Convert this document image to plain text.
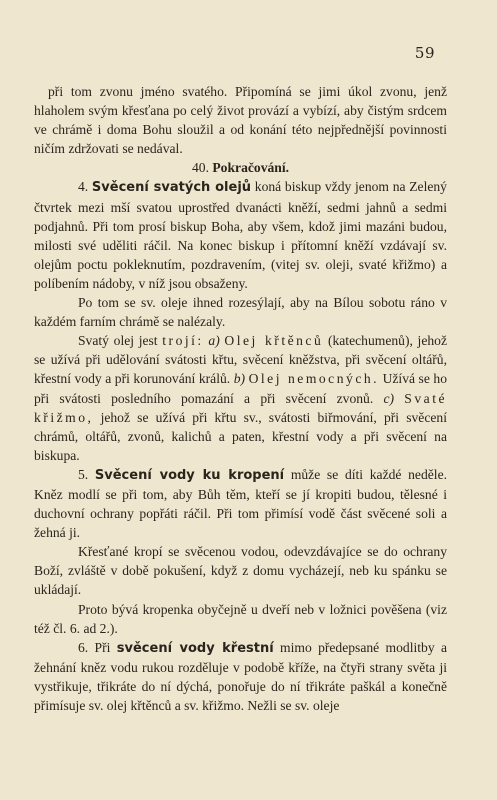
59

při tom zvonu jméno svatého. Připomíná se jimi úkol zvonu, jenž hlaholem svým křesťana po celý život provází a vybízí, aby čistým srdcem ve chrámě i doma Bohu sloužil a od konání této nejpřednější povinnosti ničím zdržovati se nedával.

40. Pokračování.

4. Svěcení svatých olejů koná biskup vždy jenom na Zelený čtvrtek mezi mší svatou uprostřed dvanácti kněží, sedmi jahnů a sedmi podjahnů. Při tom prosí biskup Boha, aby všem, kdož jimi mazáni budou, milosti své uděliti ráčil. Na konec biskup i přítomní kněží vzdávají sv. olejům poctu pokleknutím, pozdravením, (vitej sv. oleji, svaté křižmo) a políbením nádoby, v níž jsou obsaženy.

Po tom se sv. oleje ihned rozesýlají, aby na Bílou sobotu ráno v každém farním chrámě se nalézaly.

Svatý olej jest trojí: a) Olej křtěnců (katechumenů), jehož se užívá při udělování svátosti křtu, svěcení kněžstva, při svěcení oltářů, křestní vody a při korunování králů. b) Olej nemocných. Užívá se ho při svátosti posledního pomazání a při svěcení zvonů. c) Svaté křižmo, jehož se užívá při křtu sv., svátosti biřmování, při svěcení chrámů, oltářů, zvonů, kalichů a paten, křestní vody a při svěcení na biskupa.

5. Svěcení vody ku kropení může se díti každé neděle. Kněz modlí se při tom, aby Bůh těm, kteří se jí kropiti budou, tělesné i duchovní ochrany popřáti ráčil. Při tom přimísí vodě část svěcené soli a žehná ji.

Křesťané kropí se svěcenou vodou, odevzdávajíce se do ochrany Boží, zvláště v době pokušení, když z domu vycházejí, neb ku spánku se ukládají.

Proto bývá kropenka obyčejně u dveří neb v ložnici pověšena (viz též čl. 6. ad 2.).

6. Při svěcení vody křestní mimo předepsané modlitby a žehnání kněz vodu rukou rozděluje v podobě kříže, na čtyři strany světa ji vystřikuje, třikráte do ní dýchá, ponořuje do ní třikráte paškál a konečně přimísuje sv. olej křtěnců a sv. křižmo. Nežli se sv. oleje
